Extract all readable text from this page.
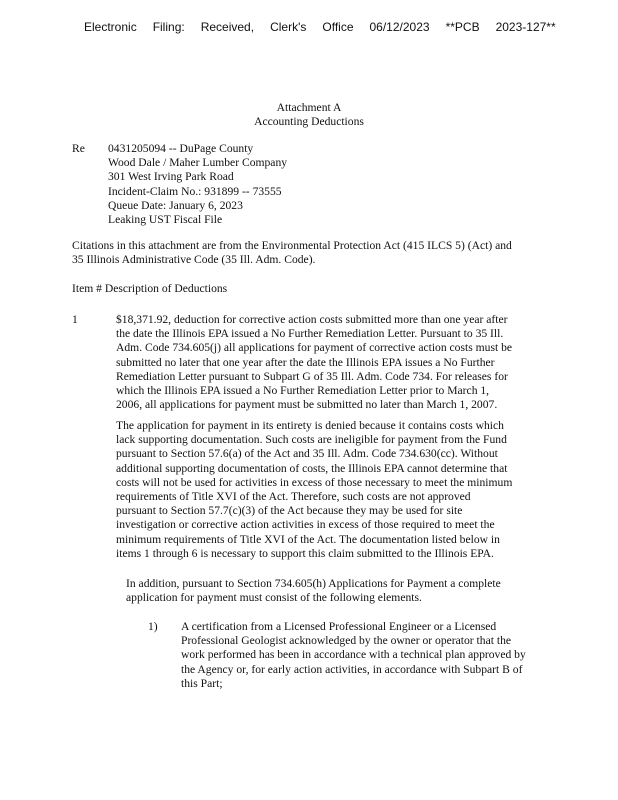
Electronic Filing: Received, Clerk's Office 06/12/2023 **PCB 2023-127**
Attachment A
Accounting Deductions
Re 0431205094 -- DuPage County
Wood Dale / Maher Lumber Company
301 West Irving Park Road
Incident-Claim No.: 931899 -- 73555
Queue Date: January 6, 2023
Leaking UST Fiscal File
Citations in this attachment are from the Environmental Protection Act (415 ILCS 5) (Act) and
35 Illinois Administrative Code (35 Ill. Adm. Code).
Item # Description of Deductions
1	$18,371.92, deduction for corrective action costs submitted more than one year after
the date the Illinois EPA issued a No Further Remediation Letter. Pursuant to 35 Ill.
Adm. Code 734.605(j) all applications for payment of corrective action costs must be
submitted no later that one year after the date the Illinois EPA issues a No Further
Remediation Letter pursuant to Subpart G of 35 Ill. Adm. Code 734. For releases for
which the Illinois EPA issued a No Further Remediation Letter prior to March 1,
2006, all applications for payment must be submitted no later than March 1, 2007.
The application for payment in its entirety is denied because it contains costs which
lack supporting documentation. Such costs are ineligible for payment from the Fund
pursuant to Section 57.6(a) of the Act and 35 Ill. Adm. Code 734.630(cc). Without
additional supporting documentation of costs, the Illinois EPA cannot determine that
costs will not be used for activities in excess of those necessary to meet the minimum
requirements of Title XVI of the Act. Therefore, such costs are not approved
pursuant to Section 57.7(c)(3) of the Act because they may be used for site
investigation or corrective action activities in excess of those required to meet the
minimum requirements of Title XVI of the Act. The documentation listed below in
items 1 through 6 is necessary to support this claim submitted to the Illinois EPA.
In addition, pursuant to Section 734.605(h) Applications for Payment a complete
application for payment must consist of the following elements.
1) A certification from a Licensed Professional Engineer or a Licensed
Professional Geologist acknowledged by the owner or operator that the
work performed has been in accordance with a technical plan approved by
the Agency or, for early action activities, in accordance with Subpart B of
this Part;
